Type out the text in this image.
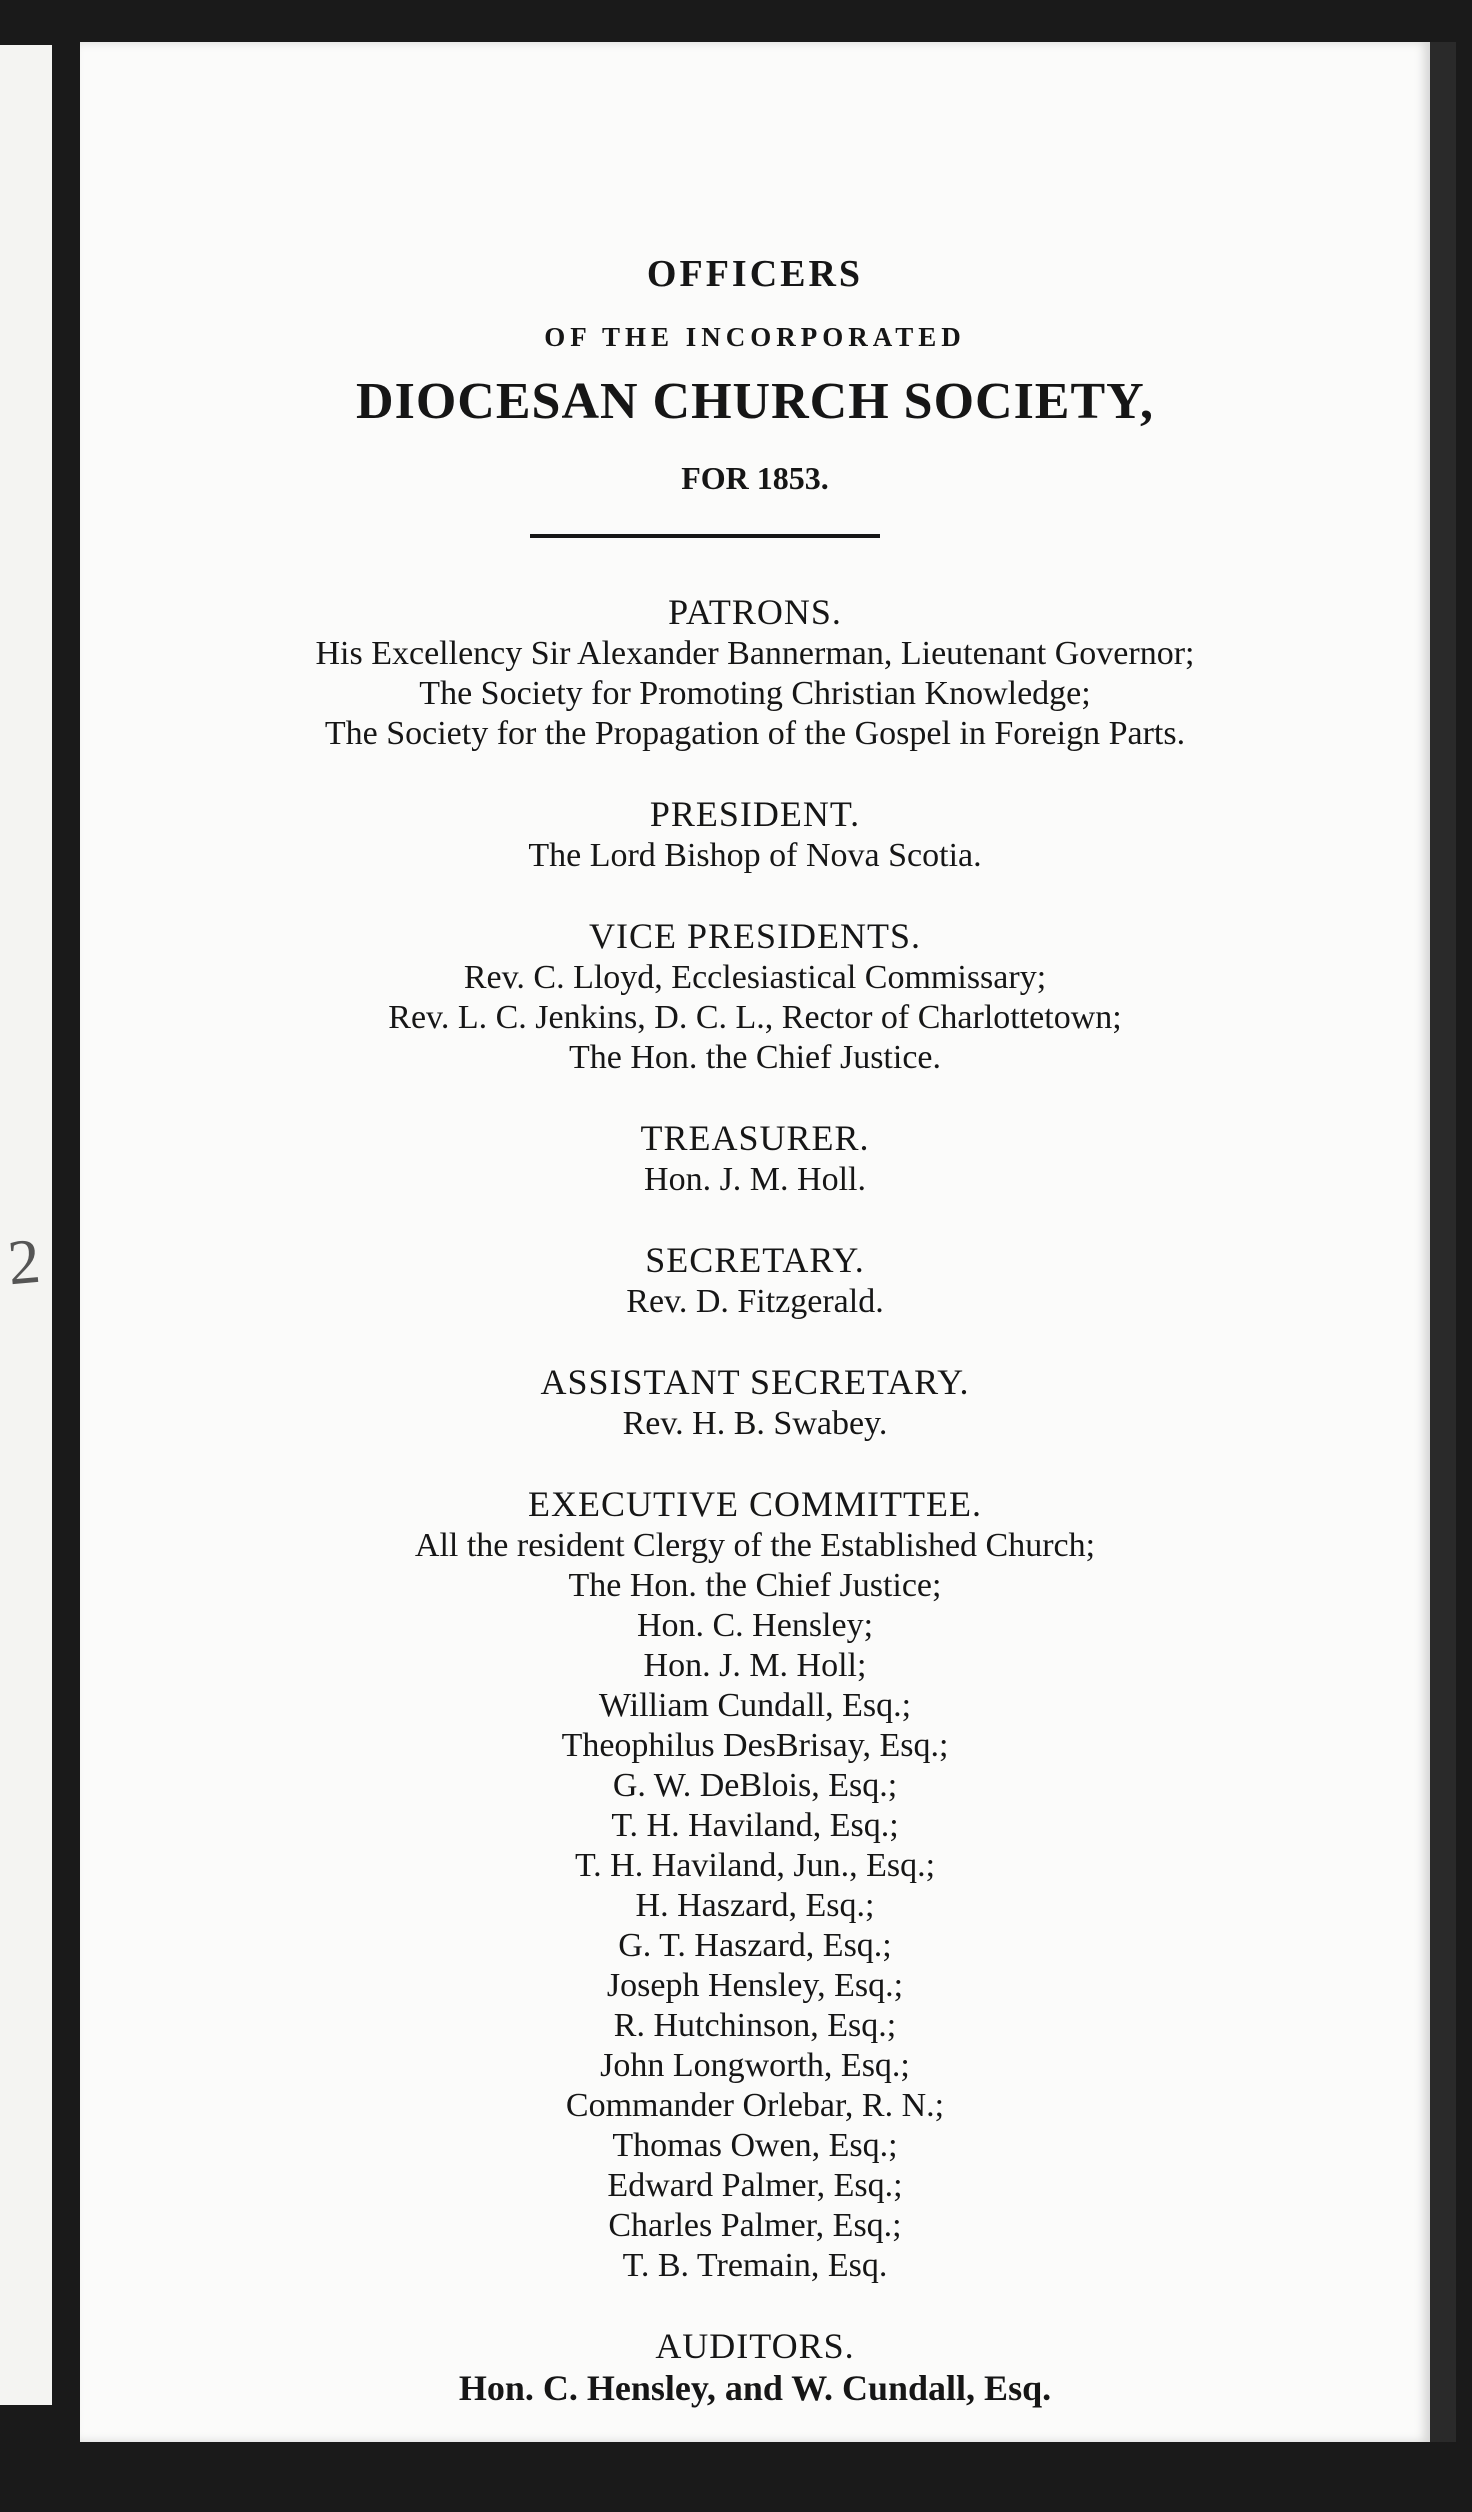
2
OFFICERS
OF THE INCORPORATED
DIOCESAN CHURCH SOCIETY,
FOR 1853.
PATRONS.
His Excellency Sir Alexander Bannerman, Lieutenant Governor;
The Society for Promoting Christian Knowledge;
The Society for the Propagation of the Gospel in Foreign Parts.
PRESIDENT.
The Lord Bishop of Nova Scotia.
VICE PRESIDENTS.
Rev. C. Lloyd, Ecclesiastical Commissary;
Rev. L. C. Jenkins, D. C. L., Rector of Charlottetown;
The Hon. the Chief Justice.
TREASURER.
Hon. J. M. Holl.
SECRETARY.
Rev. D. Fitzgerald.
ASSISTANT SECRETARY.
Rev. H. B. Swabey.
EXECUTIVE COMMITTEE.
All the resident Clergy of the Established Church;
The Hon. the Chief Justice;
Hon. C. Hensley;
Hon. J. M. Holl;
William Cundall, Esq.;
Theophilus DesBrisay, Esq.;
G. W. DeBlois, Esq.;
T. H. Haviland, Esq.;
T. H. Haviland, Jun., Esq.;
H. Haszard, Esq.;
G. T. Haszard, Esq.;
Joseph Hensley, Esq.;
R. Hutchinson, Esq.;
John Longworth, Esq.;
Commander Orlebar, R. N.;
Thomas Owen, Esq.;
Edward Palmer, Esq.;
Charles Palmer, Esq.;
T. B. Tremain, Esq.
AUDITORS.
Hon. C. Hensley, and W. Cundall, Esq.
